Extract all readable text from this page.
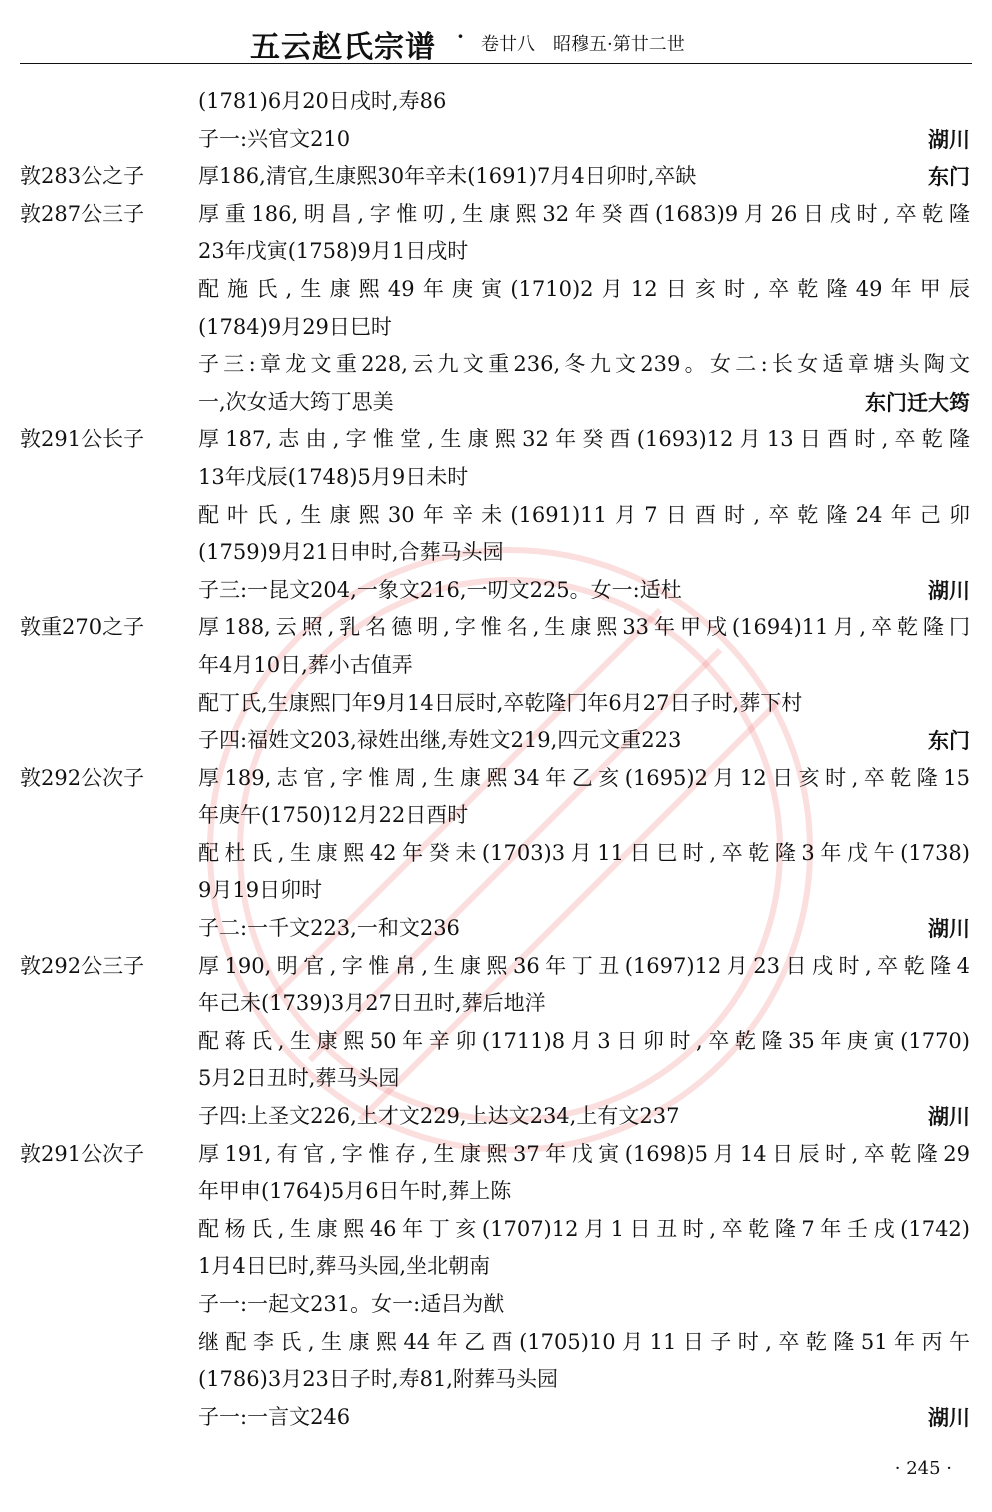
五云赵氏宗谱 · 卷廿八　昭穆五·第廿二世
(1781)6月20日戌时,寿86
子一:兴官文210	湖川
敦283公之子	厚186,清官,生康熙30年辛未(1691)7月4日卯时,卒缺	东门
敦287公三子	厚重186,明昌,字惟叨,生康熙32年癸酉(1683)9月26日戌时,卒乾隆
23年戊寅(1758)9月1日戌时
配施氏,生康熙49年庚寅(1710)2月12日亥时,卒乾隆49年甲辰
(1784)9月29日巳时
子三:章龙文重228,云九文重236,冬九文239。女二:长女适章塘头陶文
一,次女适大筠丁思美	东门迁大筠
敦291公长子	厚187,志由,字惟堂,生康熙32年癸酉(1693)12月13日酉时,卒乾隆
13年戊辰(1748)5月9日未时
配叶氏,生康熙30年辛未(1691)11月7日酉时,卒乾隆24年己卯
(1759)9月21日申时,合葬马头园
子三:一昆文204,一象文216,一叨文225。女一:适杜	湖川
敦重270之子	厚188,云照,乳名德明,字惟名,生康熙33年甲戌(1694)11月,卒乾隆冂
年4月10日,葬小古值弄
配丁氏,生康熙冂年9月14日辰时,卒乾隆冂年6月27日子时,葬下村
子四:福姓文203,禄姓出继,寿姓文219,四元文重223	东门
敦292公次子	厚189,志官,字惟周,生康熙34年乙亥(1695)2月12日亥时,卒乾隆15
年庚午(1750)12月22日酉时
配杜氏,生康熙42年癸未(1703)3月11日巳时,卒乾隆3年戊午(1738)
9月19日卯时
子二:一千文223,一和文236	湖川
敦292公三子	厚190,明官,字惟帛,生康熙36年丁丑(1697)12月23日戌时,卒乾隆4
年己未(1739)3月27日丑时,葬后地洋
配蒋氏,生康熙50年辛卯(1711)8月3日卯时,卒乾隆35年庚寅(1770)
5月2日丑时,葬马头园
子四:上圣文226,上才文229,上达文234,上有文237	湖川
敦291公次子	厚191,有官,字惟存,生康熙37年戊寅(1698)5月14日辰时,卒乾隆29
年甲申(1764)5月6日午时,葬上陈
配杨氏,生康熙46年丁亥(1707)12月1日丑时,卒乾隆7年壬戌(1742)
1月4日巳时,葬马头园,坐北朝南
子一:一起文231。女一:适吕为猷
继配李氏,生康熙44年乙酉(1705)10月11日子时,卒乾隆51年丙午
(1786)3月23日子时,寿81,附葬马头园
子一:一言文246	湖川
· 245 ·
